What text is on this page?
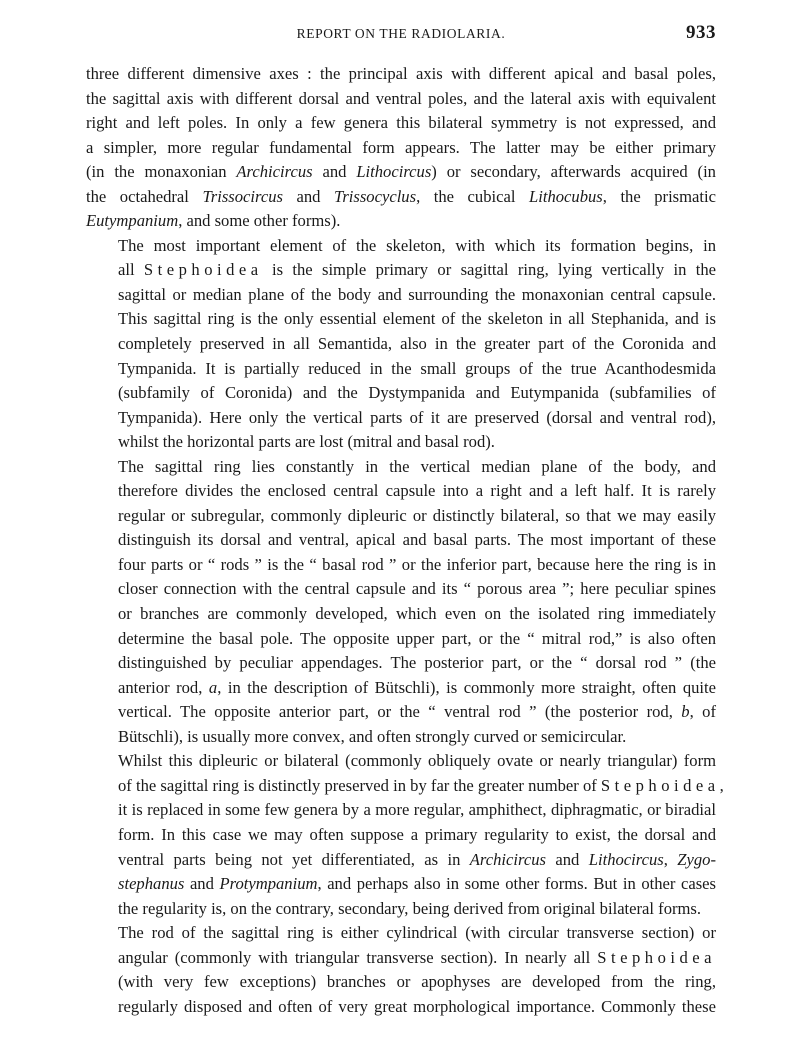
REPORT ON THE RADIOLARIA.	933

three different dimensive axes : the principal axis with different apical and basal poles,
the sagittal axis with different dorsal and ventral poles, and the lateral axis with equivalent
right and left poles. In only a few genera this bilateral symmetry is not expressed, and
a simpler, more regular fundamental form appears. The latter may be either primary
(in the monaxonian Archicircus and Lithocircus) or secondary, afterwards acquired (in
the octahedral Trissocircus and Trissocyclus, the cubical Lithocubus, the prismatic
Eutympanium, and some other forms).

The most important element of the skeleton, with which its formation begins, in
all Stephoidea is the simple primary or sagittal ring, lying vertically in the
sagittal or median plane of the body and surrounding the monaxonian central capsule.
This sagittal ring is the only essential element of the skeleton in all Stephanida, and is
completely preserved in all Semantida, also in the greater part of the Coronida and
Tympanida. It is partially reduced in the small groups of the true Acanthodesmida
(subfamily of Coronida) and the Dystympanida and Eutympanida (subfamilies of
Tympanida). Here only the vertical parts of it are preserved (dorsal and ventral rod),
whilst the horizontal parts are lost (mitral and basal rod).

The sagittal ring lies constantly in the vertical median plane of the body, and
therefore divides the enclosed central capsule into a right and a left half. It is rarely
regular or subregular, commonly dipleuric or distinctly bilateral, so that we may easily
distinguish its dorsal and ventral, apical and basal parts. The most important of these
four parts or “ rods ” is the “ basal rod ” or the inferior part, because here the ring is in
closer connection with the central capsule and its “ porous area ”; here peculiar spines
or branches are commonly developed, which even on the isolated ring immediately
determine the basal pole. The opposite upper part, or the “ mitral rod,” is also often
distinguished by peculiar appendages. The posterior part, or the “ dorsal rod ” (the
anterior rod, a, in the description of Bütschli), is commonly more straight, often quite
vertical. The opposite anterior part, or the “ ventral rod ” (the posterior rod, b, of
Bütschli), is usually more convex, and often strongly curved or semicircular.

Whilst this dipleuric or bilateral (commonly obliquely ovate or nearly triangular) form
of the sagittal ring is distinctly preserved in by far the greater number of Stephoidea,
it is replaced in some few genera by a more regular, amphithect, diphragmatic, or biradial
form. In this case we may often suppose a primary regularity to exist, the dorsal and
ventral parts being not yet differentiated, as in Archicircus and Lithocircus, Zygo-
stephanus and Protympanium, and perhaps also in some other forms. But in other cases
the regularity is, on the contrary, secondary, being derived from original bilateral forms.

The rod of the sagittal ring is either cylindrical (with circular transverse section) or
angular (commonly with triangular transverse section). In nearly all Stephoidea
(with very few exceptions) branches or apophyses are developed from the ring,
regularly disposed and often of very great morphological importance. Commonly these
